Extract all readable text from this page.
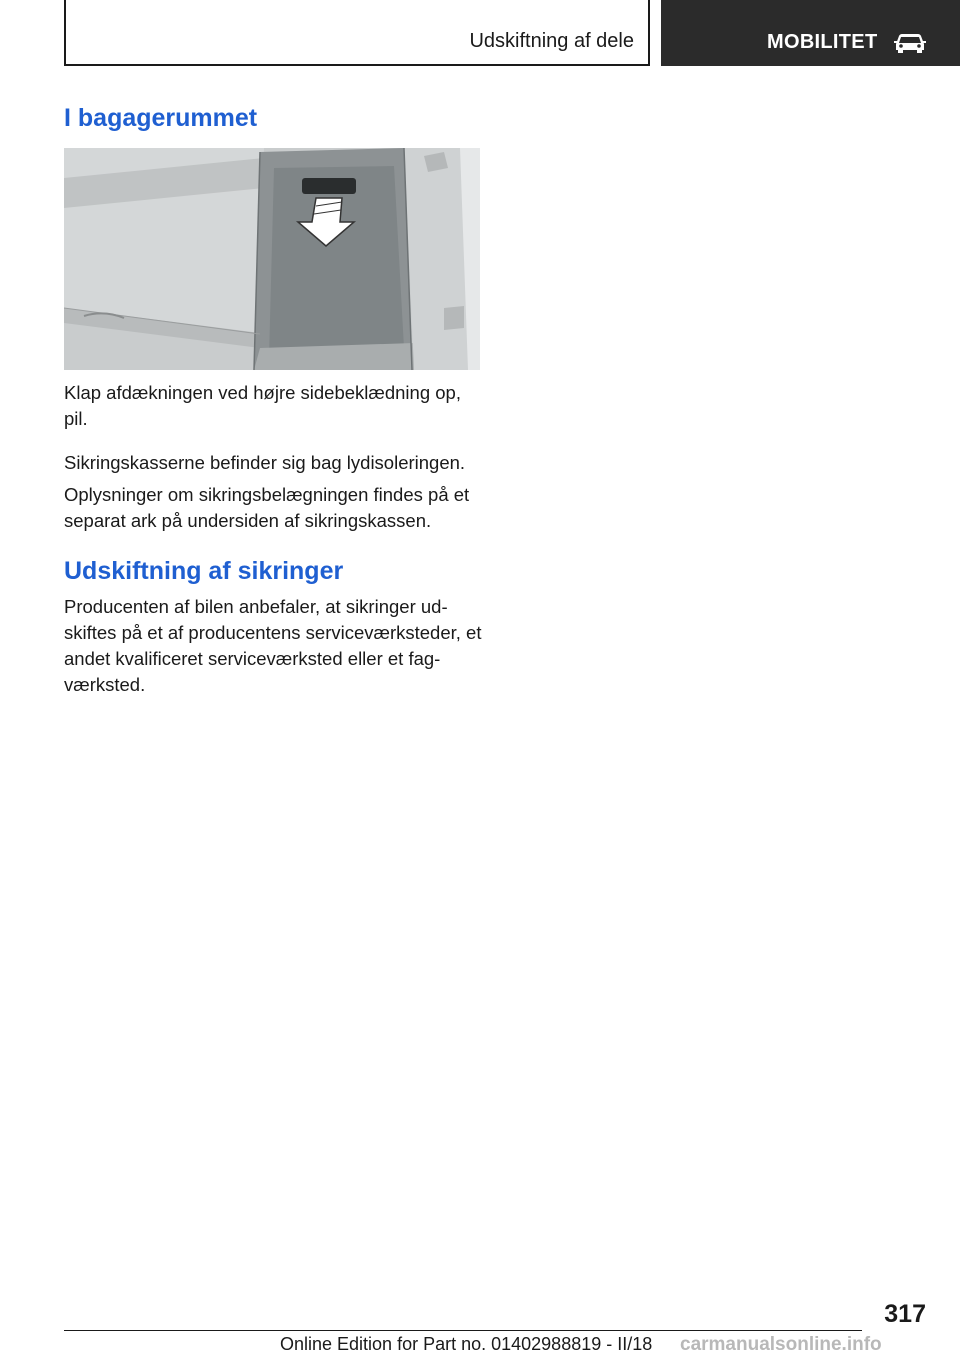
Udskiftning af dele	MOBILITET
I bagagerummet

Klap afdækningen ved højre sidebeklædning op, pil.

Sikringskasserne befinder sig bag lydisoleringen.

Oplysninger om sikringsbelægningen findes på et separat ark på undersiden af sikringskassen.

Udskiftning af sikringer

Producenten af bilen anbefaler, at sikringer udskiftes på et af producentens serviceværksteder, et andet kvalificeret serviceværksted eller et fagværksted.

317
Online Edition for Part no. 01402988819 - II/18 carmanualsonline.info
